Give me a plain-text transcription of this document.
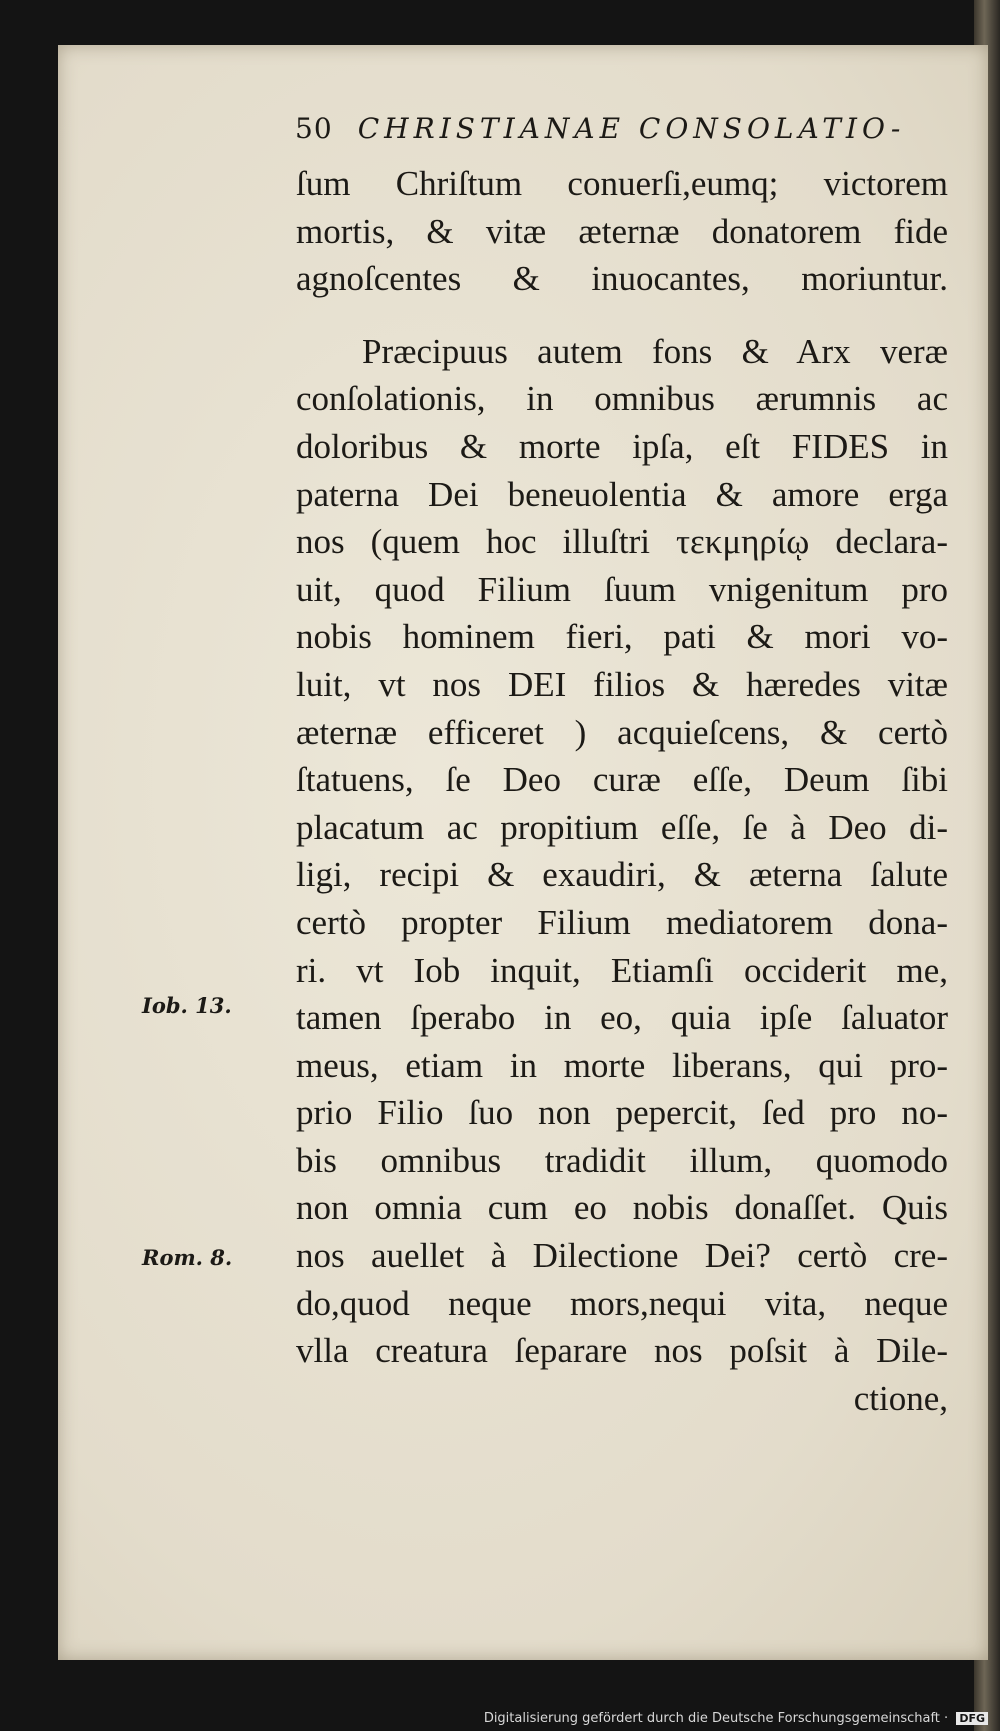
50 CHRISTIANAE CONSOLATIO-
ſum Chriſtum conuerſi,eumq; victorem
mortis, & vitæ æternæ donatorem fide
agnoſcentes & inuocantes, moriuntur.
Præcipuus autem fons & Arx veræ
conſolationis, in omnibus ærumnis ac
doloribus & morte ipſa, eſt FIDES in
paterna Dei beneuolentia & amore erga
nos (quem hoc illuſtri τεκμηρίῳ declara-
uit, quod Filium ſuum vnigenitum pro
nobis hominem fieri, pati & mori vo-
luit, vt nos DEI filios & hæredes vitæ
æternæ efficeret ) acquieſcens, & certò
ſtatuens, ſe Deo curæ eſſe, Deum ſibi
placatum ac propitium eſſe, ſe à Deo di-
ligi, recipi & exaudiri, & æterna ſalute
certò propter Filium mediatorem dona-
ri. vt Iob inquit, Etiamſi occiderit me,
tamen ſperabo in eo, quia ipſe ſaluator
meus, etiam in morte liberans, qui pro-
prio Filio ſuo non pepercit, ſed pro no-
bis omnibus tradidit illum, quomodo
non omnia cum eo nobis donaſſet. Quis
nos auellet à Dilectione Dei? certò cre-
do,quod neque mors,nequi vita, neque
vlla creatura ſeparare nos poſsit à Dile-
ctione,
Iob. 13.
Rom. 8.
Digitalisierung gefördert durch die Deutsche Forschungsgemeinschaft · DFG
